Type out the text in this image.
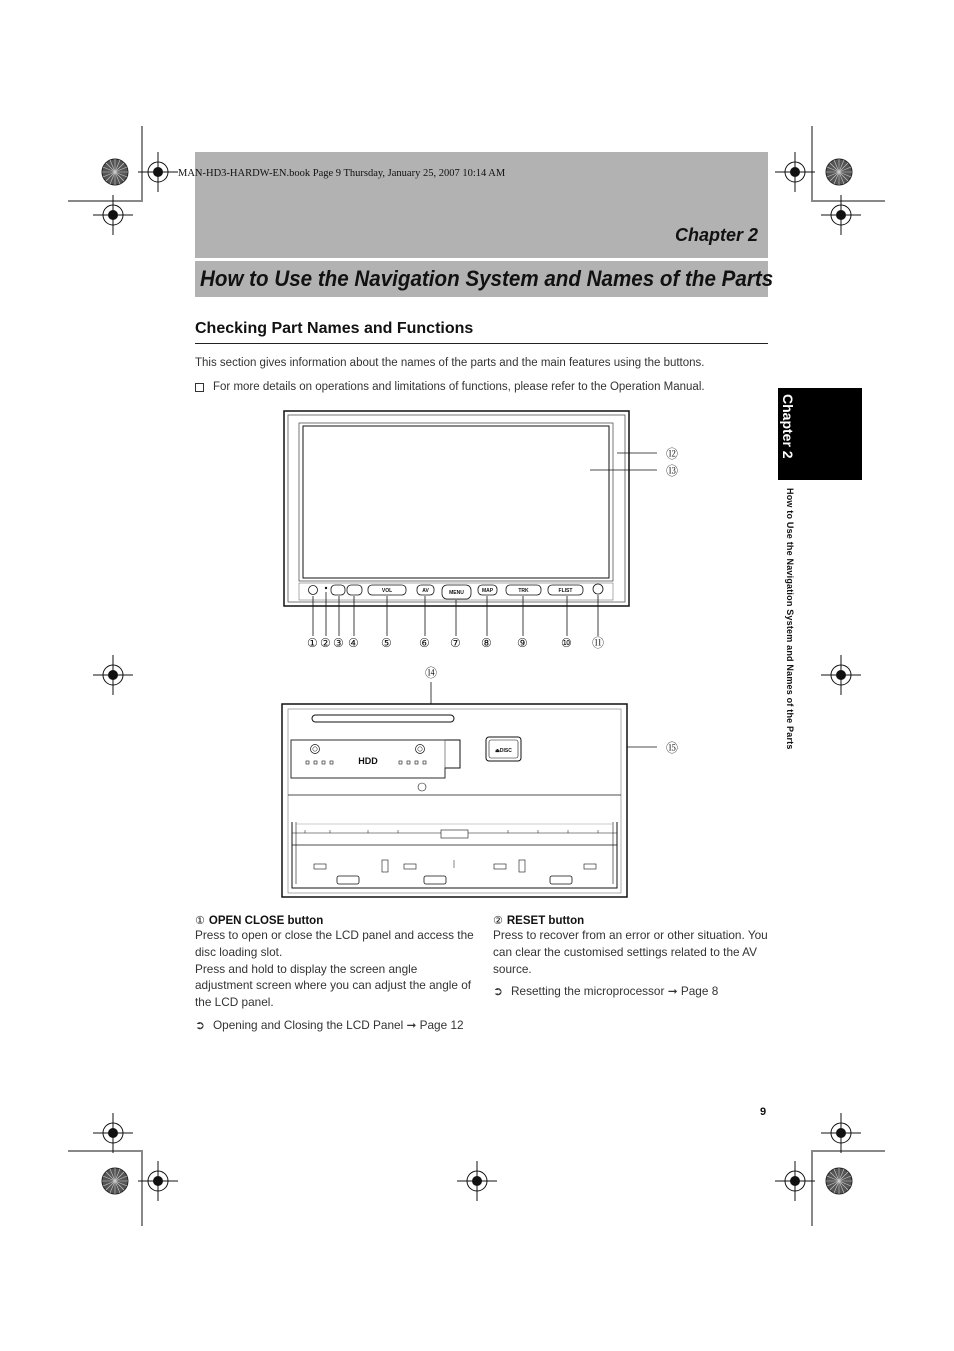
VOL	AV	MENU	MAP	TRK	FLIST
① ② ③ ④ ⑤ ⑥ ⑦ ⑧ ⑨	⑩ ⑪
⑫
⑬
⑭
⑮
HDD
⏏DISC
MAN-HD3-HARDW-EN.book Page 9 Thursday, January 25, 2007 10:14 AM
Chapter 2
How to Use the Navigation System and Names of the Parts
Checking Part Names and Functions
This section gives information about the names of the parts and the main features using the buttons.
For more details on operations and limitations of functions, please refer to the Operation Manual.
Chapter 2
How to Use the Navigation System and Names of the Parts
① OPEN CLOSE button
Press to open or close the LCD panel and access the disc loading slot.
Press and hold to display the screen angle adjustment screen where you can adjust the angle of the LCD panel.
➲ Opening and Closing the LCD Panel ➞ Page 12
② RESET button
Press to recover from an error or other situation. You can clear the customised settings related to the AV source.
➲ Resetting the microprocessor ➞ Page 8
9
